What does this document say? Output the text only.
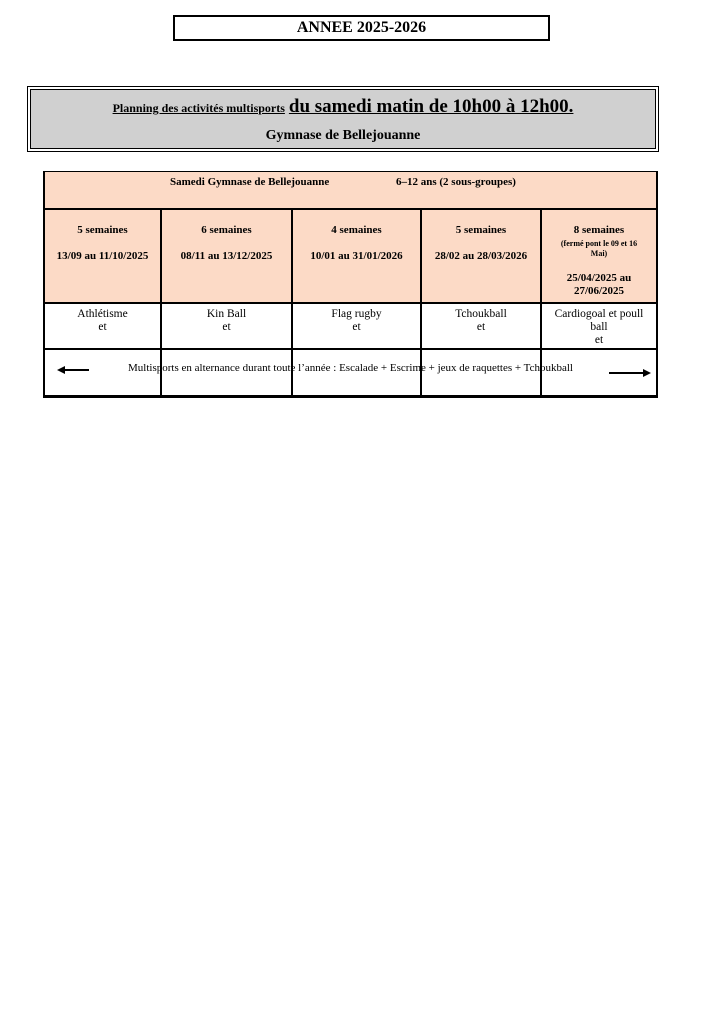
ANNEE 2025-2026
Planning des activités multisports du samedi matin de 10h00 à 12h00.
Gymnase de Bellejouanne
Samedi Gymnase de Bellejouanne	6–12 ans (2 sous-groupes)
5 semaines
13/09 au 11/10/2025
6 semaines
08/11 au 13/12/2025
4 semaines
10/01 au 31/01/2026
5 semaines
28/02 au 28/03/2026
8 semaines
(fermé pont le 09 et 16
Mai)
25/04/2025 au
27/06/2025
Athlétisme
et
Kin Ball
et
Flag rugby
et
Tchoukball
et
Cardiogoal et poull
ball
et
Multisports en alternance durant toute l’année : Escalade + Escrime + jeux de raquettes + Tchoukball
